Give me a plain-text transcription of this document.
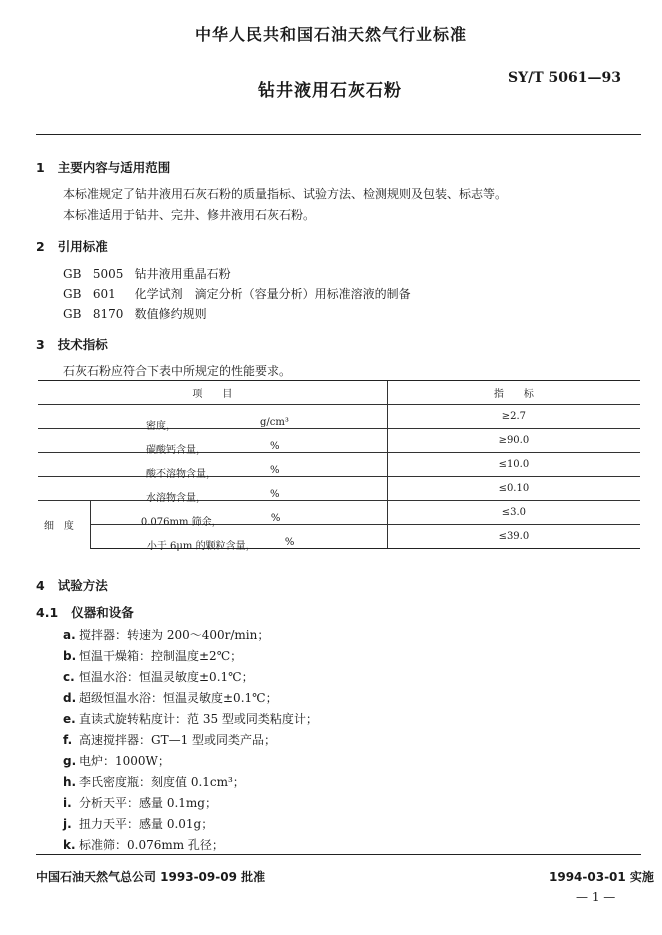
中华人民共和国石油天然气行业标准
钻井液用石灰石粉
SY/T 5061—93
1 主要内容与适用范围
本标准规定了钻井液用石灰石粉的质量指标、试验方法、检测规则及包装、标志等。
本标准适用于钻井、完井、修井液用石灰石粉。
2 引用标准
GB 5005 钻井液用重晶石粉
GB 601 化学试剂　滴定分析（容量分析）用标准溶液的制备
GB 8170 数值修约规则
3 技术指标
石灰石粉应符合下表中所规定的性能要求。
项　　目		指　　标

密度， g/cm³		≥2.7

碳酸钙含量， %		≥90.0

酸不溶物含量， %		≤10.0

水溶物含量， %		≤0.10
细度	0.076mm 筛余， %	≤3.0

	小于 6μm 的颗粒含量， %	≤39.0
4 试验方法
4.1 仪器和设备
a. 搅拌器：转速为 200～400r/min；
b. 恒温干燥箱：控制温度±2℃；
c. 恒温水浴：恒温灵敏度±0.1℃；
d. 超级恒温水浴：恒温灵敏度±0.1℃；
e. 直读式旋转粘度计：范 35 型或同类粘度计；
f. 高速搅拌器：GT—1 型或同类产品；
g. 电炉：1000W；
h. 李氏密度瓶：刻度值 0.1cm³；
i. 分析天平：感量 0.1mg；
j. 扭力天平：感量 0.01g；
k. 标准筛：0.076mm 孔径；
中国石油天然气总公司 1993-09-09 批准	1994-03-01 实施
— 1 —
